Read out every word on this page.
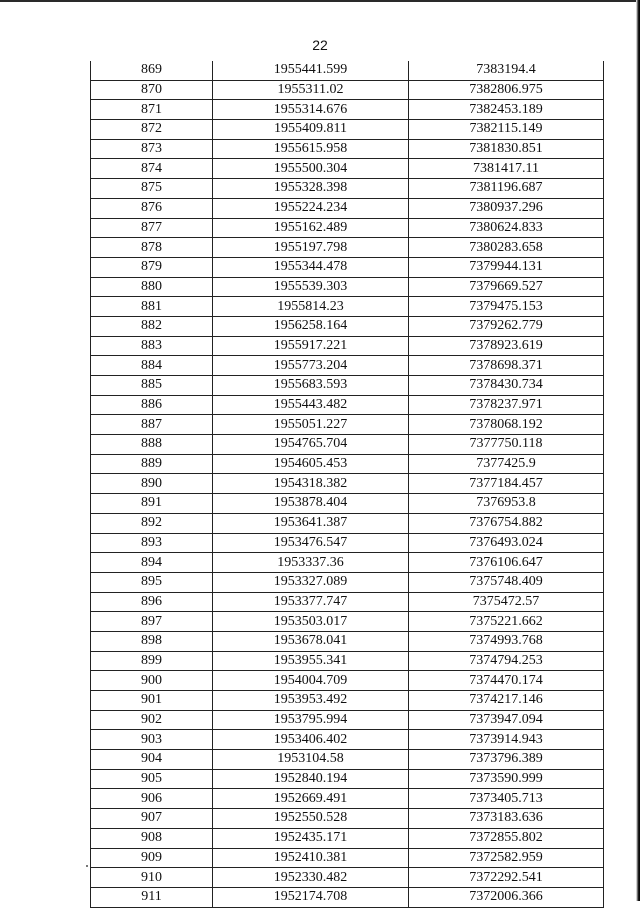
22
869	1955441.599	7383194.4
870	1955311.02	7382806.975
871	1955314.676	7382453.189
872	1955409.811	7382115.149
873	1955615.958	7381830.851
874	1955500.304	7381417.11
875	1955328.398	7381196.687
876	1955224.234	7380937.296
877	1955162.489	7380624.833
878	1955197.798	7380283.658
879	1955344.478	7379944.131
880	1955539.303	7379669.527
881	1955814.23	7379475.153
882	1956258.164	7379262.779
883	1955917.221	7378923.619
884	1955773.204	7378698.371
885	1955683.593	7378430.734
886	1955443.482	7378237.971
887	1955051.227	7378068.192
888	1954765.704	7377750.118
889	1954605.453	7377425.9
890	1954318.382	7377184.457
891	1953878.404	7376953.8
892	1953641.387	7376754.882
893	1953476.547	7376493.024
894	1953337.36	7376106.647
895	1953327.089	7375748.409
896	1953377.747	7375472.57
897	1953503.017	7375221.662
898	1953678.041	7374993.768
899	1953955.341	7374794.253
900	1954004.709	7374470.174
901	1953953.492	7374217.146
902	1953795.994	7373947.094
903	1953406.402	7373914.943
904	1953104.58	7373796.389
905	1952840.194	7373590.999
906	1952669.491	7373405.713
907	1952550.528	7373183.636
908	1952435.171	7372855.802
909	1952410.381	7372582.959
910	1952330.482	7372292.541
911	1952174.708	7372006.366
